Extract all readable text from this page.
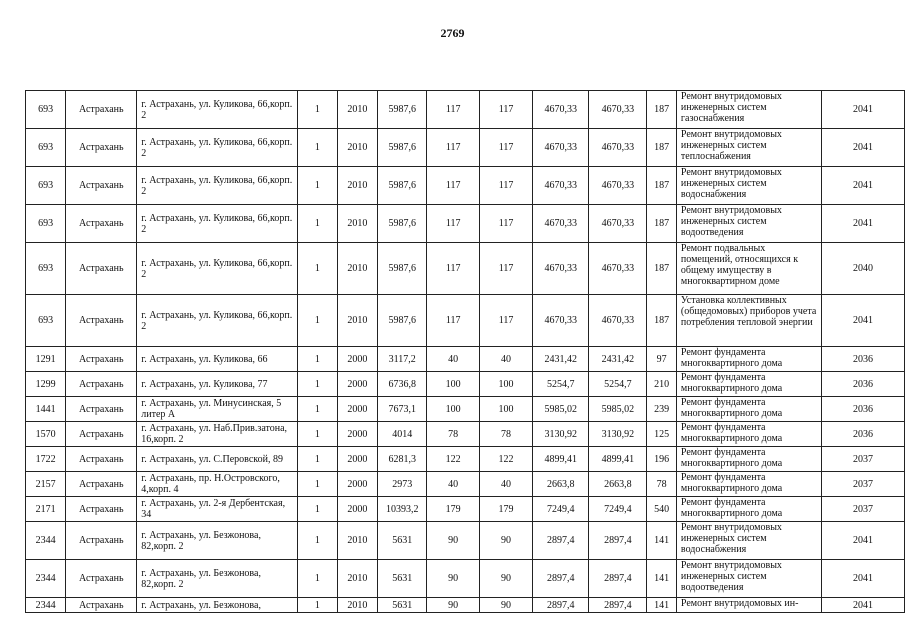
2769
693	Астрахань	г. Астрахань, ул. Куликова, 66,корп. 2	1	2010	5987,6	117	117	4670,33	4670,33	187	Ремонт внутридомовых инженерных систем газоснабжения	2041
693	Астрахань	г. Астрахань, ул. Куликова, 66,корп. 2	1	2010	5987,6	117	117	4670,33	4670,33	187	Ремонт внутридомовых инженерных систем теплоснабжения	2041
693	Астрахань	г. Астрахань, ул. Куликова, 66,корп. 2	1	2010	5987,6	117	117	4670,33	4670,33	187	Ремонт внутридомовых инженерных систем водоснабжения	2041
693	Астрахань	г. Астрахань, ул. Куликова, 66,корп. 2	1	2010	5987,6	117	117	4670,33	4670,33	187	Ремонт внутридомовых инженерных систем водоотведения	2041
693	Астрахань	г. Астрахань, ул. Куликова, 66,корп. 2	1	2010	5987,6	117	117	4670,33	4670,33	187	Ремонт подвальных помещений, относящихся к общему имуществу в многоквартирном доме	2040
693	Астрахань	г. Астрахань, ул. Куликова, 66,корп. 2	1	2010	5987,6	117	117	4670,33	4670,33	187	Установка коллективных (общедомовых) приборов учета потребления тепловой энергии	2041
1291	Астрахань	г. Астрахань, ул. Куликова, 66	1	2000	3117,2	40	40	2431,42	2431,42	97	Ремонт фундамента многоквартирного дома	2036
1299	Астрахань	г. Астрахань, ул. Куликова, 77	1	2000	6736,8	100	100	5254,7	5254,7	210	Ремонт фундамента многоквартирного дома	2036
1441	Астрахань	г. Астрахань, ул. Минусинская, 5 литер А	1	2000	7673,1	100	100	5985,02	5985,02	239	Ремонт фундамента многоквартирного дома	2036
1570	Астрахань	г. Астрахань, ул. Наб.Прив.затона, 16,корп. 2	1	2000	4014	78	78	3130,92	3130,92	125	Ремонт фундамента многоквартирного дома	2036
1722	Астрахань	г. Астрахань, ул. С.Перовской, 89	1	2000	6281,3	122	122	4899,41	4899,41	196	Ремонт фундамента многоквартирного дома	2037
2157	Астрахань	г. Астрахань, пр. Н.Островского, 4,корп. 4	1	2000	2973	40	40	2663,8	2663,8	78	Ремонт фундамента многоквартирного дома	2037
2171	Астрахань	г. Астрахань, ул. 2-я Дербентская, 34	1	2000	10393,2	179	179	7249,4	7249,4	540	Ремонт фундамента многоквартирного дома	2037
2344	Астрахань	г. Астрахань, ул. Безжонова, 82,корп. 2	1	2010	5631	90	90	2897,4	2897,4	141	Ремонт внутридомовых инженерных систем водоснабжения	2041
2344	Астрахань	г. Астрахань, ул. Безжонова, 82,корп. 2	1	2010	5631	90	90	2897,4	2897,4	141	Ремонт внутридомовых инженерных систем водоотведения	2041
2344	Астрахань	г. Астрахань, ул. Безжонова,	1	2010	5631	90	90	2897,4	2897,4	141	Ремонт внутридомовых ин-	2041
